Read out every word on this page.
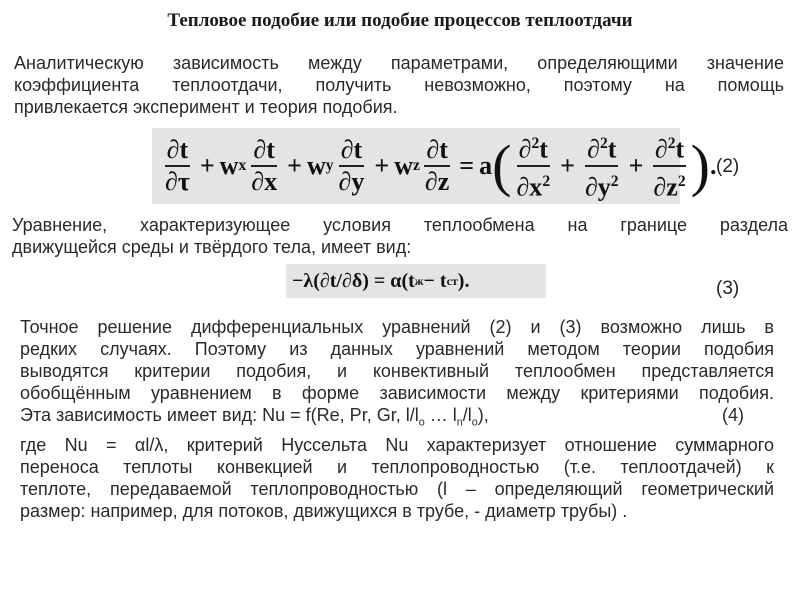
Тепловое подобие или подобие процессов теплоотдачи
Аналитическую зависимость между параметрами, определяющими значение
коэффициента теплоотдачи, получить невозможно, поэтому на помощь
привлекается эксперимент и теория подобия.
$\frac{\partial t}{\partial\tau} + w$ x $\frac{\partial t}{\partial x} + w$ y $\frac{\partial t}{\partial y} + w$ z $\frac{\partial t}{\partial z} = a$ ( $\frac{\partial^2t}{\partial x^2} + \frac{\partial^2t}{\partial y^2} + \frac{\partial^2t}{\partial z^2}$ ) . (2)
Уравнение, характеризующее условия теплообмена на границе раздела
движущейся среды и твёрдого тела, имеет вид:
−λ(∂t/∂δ) = α(t ж − t ст ).	(3)
Точное решение дифференциальных уравнений (2) и (3) возможно лишь в
редких случаях. Поэтому из данных уравнений методом теории подобия
выводятся критерии подобия, и конвективный теплообмен представляется
обобщённым уравнением в форме зависимости между критериями подобия.
Эта зависимость имеет вид: Nu = f(Re, Pr, Gr, $l/l_o$ … $l_n/l_o$),	(4)
где Nu = αl/λ, критерий Нуссельта Nu характеризует отношение суммарного
переноса теплоты конвекцией и теплопроводностью (т.е. теплоотдачей) к
теплоте, передаваемой теплопроводностью (l – определяющий геометрический
размер: например, для потоков, движущихся в трубе, - диаметр трубы) .
